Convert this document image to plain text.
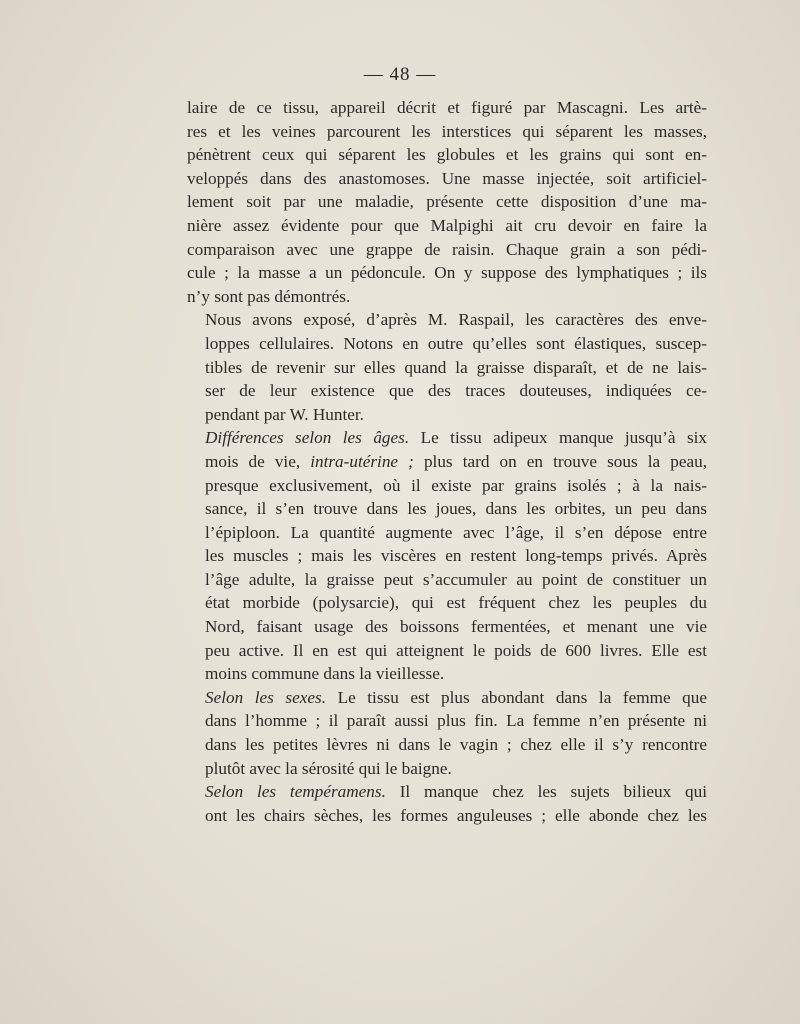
— 48 —

laire de ce tissu, appareil décrit et figuré par Mascagni. Les artè-
res et les veines parcourent les interstices qui séparent les masses,
pénètrent ceux qui séparent les globules et les grains qui sont en-
veloppés dans des anastomoses. Une masse injectée, soit artificiel-
lement soit par une maladie, présente cette disposition d’une ma-
nière assez évidente pour que Malpighi ait cru devoir en faire la
comparaison avec une grappe de raisin. Chaque grain a son pédi-
cule ; la masse a un pédoncule. On y suppose des lymphatiques ; ils
n’y sont pas démontrés.

Nous avons exposé, d’après M. Raspail, les caractères des enve-
loppes cellulaires. Notons en outre qu’elles sont élastiques, suscep-
tibles de revenir sur elles quand la graisse disparaît, et de ne lais-
ser de leur existence que des traces douteuses, indiquées ce-
pendant par W. Hunter.

Différences selon les âges. Le tissu adipeux manque jusqu’à six
mois de vie, intra-utérine ; plus tard on en trouve sous la peau,
presque exclusivement, où il existe par grains isolés ; à la nais-
sance, il s’en trouve dans les joues, dans les orbites, un peu dans
l’épiploon. La quantité augmente avec l’âge, il s’en dépose entre
les muscles ; mais les viscères en restent long-temps privés. Après
l’âge adulte, la graisse peut s’accumuler au point de constituer un
état morbide (polysarcie), qui est fréquent chez les peuples du
Nord, faisant usage des boissons fermentées, et menant une vie
peu active. Il en est qui atteignent le poids de 600 livres. Elle est
moins commune dans la vieillesse.

Selon les sexes. Le tissu est plus abondant dans la femme que
dans l’homme ; il paraît aussi plus fin. La femme n’en présente ni
dans les petites lèvres ni dans le vagin ; chez elle il s’y rencontre
plutôt avec la sérosité qui le baigne.

Selon les tempéramens. Il manque chez les sujets bilieux qui
ont les chairs sèches, les formes anguleuses ; elle abonde chez les
